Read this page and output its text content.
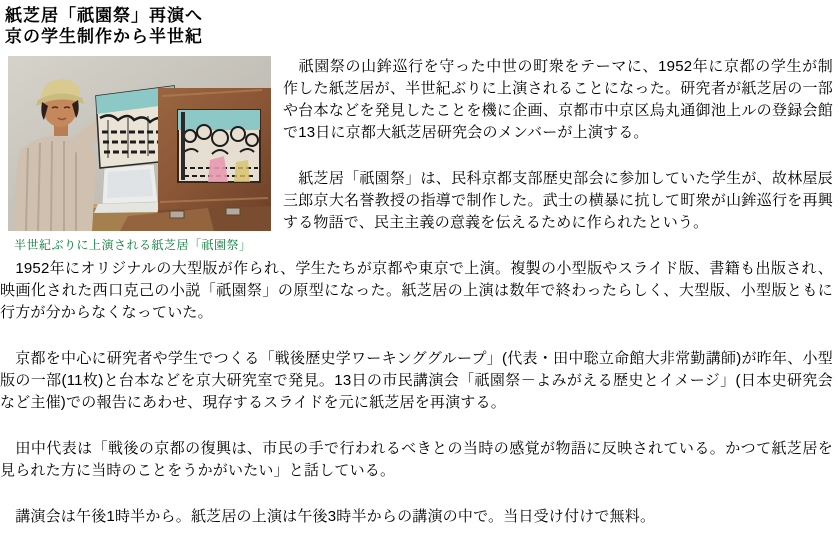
紙芝居「祇園祭」再演へ
京の学生制作から半世紀
半世紀ぶりに上演される紙芝居「祇園祭」

　祇園祭の山鉾巡行を守った中世の町衆をテーマに、1952年に京都の学生が制作した紙芝居が、半世紀ぶりに上演されることになった。研究者が紙芝居の一部や台本などを発見したことを機に企画、京都市中京区烏丸通御池上ルの登録会館で13日に京都大紙芝居研究会のメンバーが上演する。

　紙芝居「祇園祭」は、民科京都支部歴史部会に参加していた学生が、故林屋辰三郎京大名誉教授の指導で制作した。武士の横暴に抗して町衆が山鉾巡行を再興する物語で、民主主義の意義を伝えるために作られたという。

　1952年にオリジナルの大型版が作られ、学生たちが京都や東京で上演。複製の小型版やスライド版、書籍も出版され、映画化された西口克己の小説「祇園祭」の原型になった。紙芝居の上演は数年で終わったらしく、大型版、小型版ともに行方が分からなくなっていた。

　京都を中心に研究者や学生でつくる「戦後歴史学ワーキンググループ」(代表・田中聡立命館大非常勤講師)が昨年、小型版の一部(11枚)と台本などを京大研究室で発見。13日の市民講演会「祇園祭－よみがえる歴史とイメージ」(日本史研究会など主催)での報告にあわせ、現存するスライドを元に紙芝居を再演する。

　田中代表は「戦後の京都の復興は、市民の手で行われるべきとの当時の感覚が物語に反映されている。かつて紙芝居を見られた方に当時のことをうかがいたい」と話している。

　講演会は午後1時半から。紙芝居の上演は午後3時半からの講演の中で。当日受け付けで無料。
